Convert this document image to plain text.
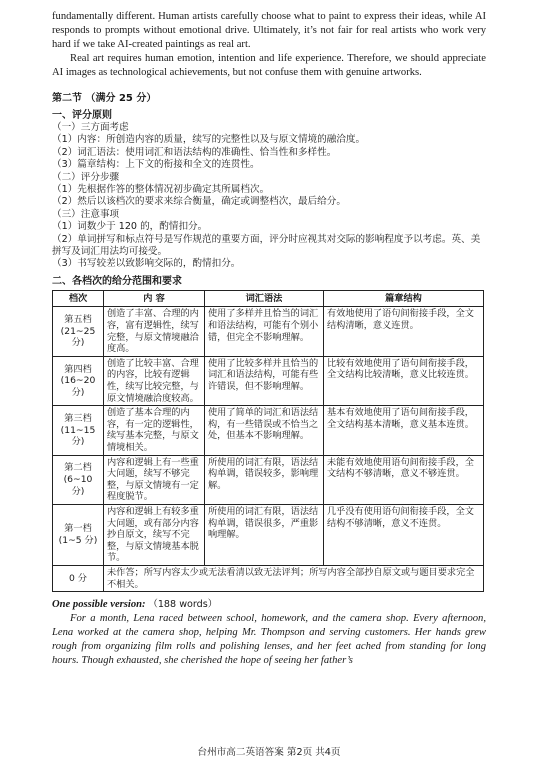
fundamentally different. Human artists carefully choose what to paint to express their ideas, while AI responds to prompts without emotional drive. Ultimately, it’s not fair for real artists who work very hard if we take AI-created paintings as real art.

Real art requires human emotion, intention and life experience. Therefore, we should appreciate AI images as technological achievements, but not confuse them with genuine artworks.

第二节 （满分 25 分）

一、评分原则

（一）三方面考虑

（1）内容：所创造内容的质量，续写的完整性以及与原文情境的融洽度。

（2）词汇语法：使用词汇和语法结构的准确性、恰当性和多样性。

（3）篇章结构：上下文的衔接和全文的连贯性。

（二）评分步骤

（1）先根据作答的整体情况初步确定其所属档次。

（2）然后以该档次的要求来综合衡量，确定或调整档次，最后给分。

（三）注意事项

（1）词数少于 120 的，酌情扣分。

（2）单词拼写和标点符号是写作规范的重要方面，评分时应视其对交际的影响程度予以考虑。英、美拼写及词汇用法均可接受。

（3）书写较差以致影响交际的，酌情扣分。

二、各档次的给分范围和要求

档次	内 容	词汇语法	篇章结构
第五档
(21~25 分)	创造了丰富、合理的内容，富有逻辑性，续写完整，与原文情境融洽度高。	使用了多样并且恰当的词汇和语法结构，可能有个别小错，但完全不影响理解。	有效地使用了语句间衔接手段，全文结构清晰，意义连贯。
第四档
(16~20 分)	创造了比较丰富、合理的内容，比较有逻辑性，续写比较完整，与原文情境融洽度较高。	使用了比较多样并且恰当的词汇和语法结构，可能有些许错误，但不影响理解。	比较有效地使用了语句间衔接手段，全文结构比较清晰，意义比较连贯。
第三档
(11~15 分)	创造了基本合理的内容，有一定的逻辑性，续写基本完整，与原文情境相关。	使用了简单的词汇和语法结构，有一些错误或不恰当之处，但基本不影响理解。	基本有效地使用了语句间衔接手段，全文结构基本清晰，意义基本连贯。
第二档
(6~10 分)	内容和逻辑上有一些重大问题，续写不够完整，与原文情境有一定程度脱节。	所使用的词汇有限，语法结构单调，错误较多，影响理解。	未能有效地使用语句间衔接手段，全文结构不够清晰，意义不够连贯。
第一档
(1~5 分)	内容和逻辑上有较多重大问题，或有部分内容抄自原文，续写不完整，与原文情境基本脱节。	所使用的词汇有限，语法结构单调，错误很多，严重影响理解。	几乎没有使用语句间衔接手段，全文结构不够清晰，意义不连贯。
0 分	未作答；所写内容太少或无法看清以致无法评判；所写内容全部抄自原文或与题目要求完全不相关。		

One possible version: （188 words）

For a month, Lena raced between school, homework, and the camera shop. Every afternoon, Lena worked at the camera shop, helping Mr. Thompson and serving customers. Her hands grew rough from organizing film rolls and polishing lenses, and her feet ached from standing for long hours. Though exhausted, she cherished the hope of seeing her father’s

台州市高二英语答案 第2页 共4页
